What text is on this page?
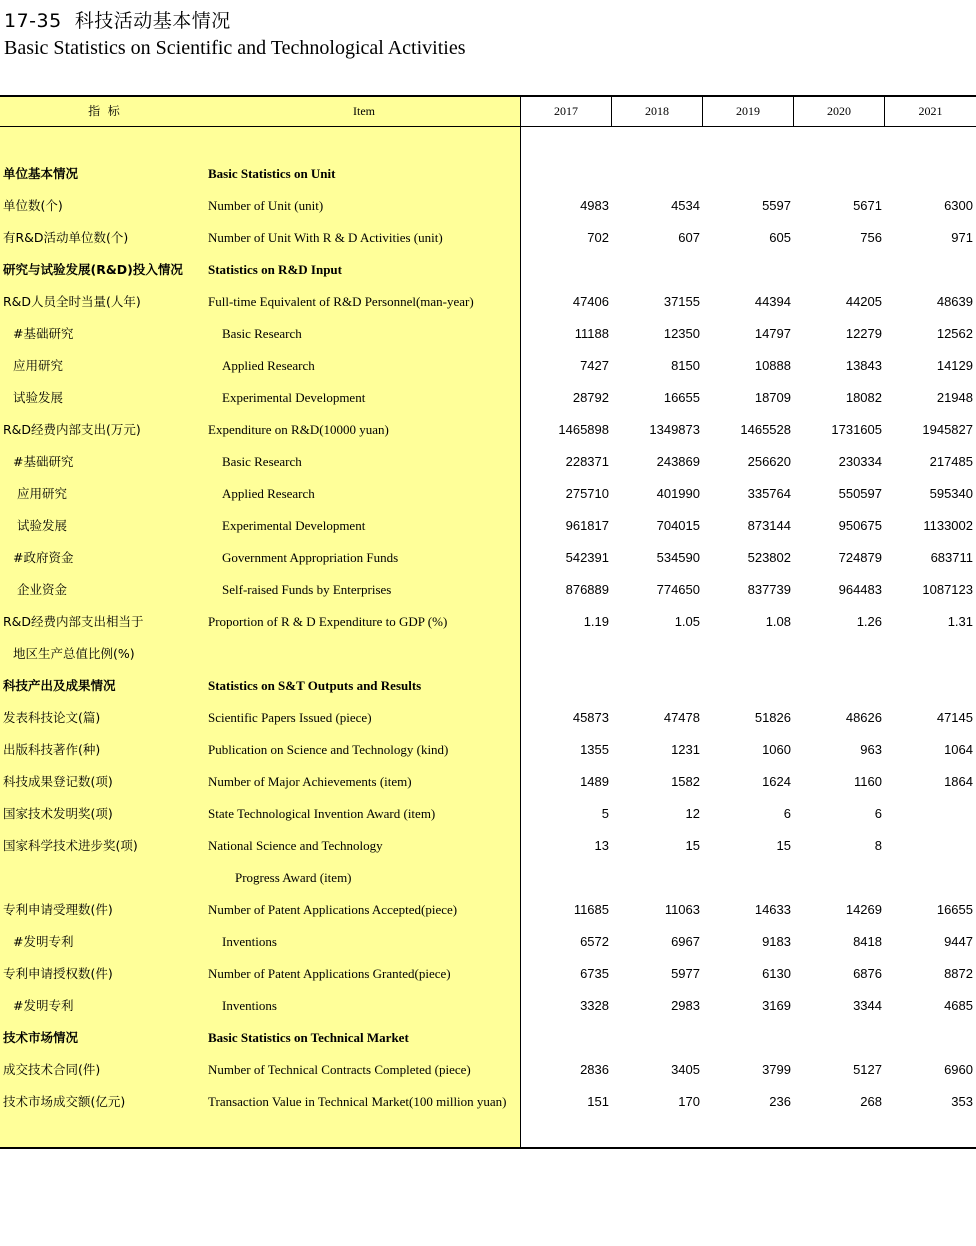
17-35  科技活动基本情况
Basic Statistics on Scientific and Technological Activities
指  标	Item	2017	2018	2019	2020	2021
单位基本情况	Basic Statistics on Unit
单位数(个)	Number of Unit (unit)	4983	4534	5597	5671	6300
有R&D活动单位数(个)	Number of Unit With R & D Activities (unit)	702	607	605	756	971
研究与试验发展(R&D)投入情况 Statistics on R&D Input
R&D人员全时当量(人年)	Full-time Equivalent of R&D Personnel(man-year)	47406	37155	44394	44205	48639
#基础研究	Basic Research	11188	12350	14797	12279	12562
应用研究	Applied Research	7427	8150	10888	13843	14129
试验发展	Experimental Development	28792	16655	18709	18082	21948
R&D经费内部支出(万元)	Expenditure on R&D(10000 yuan)	1465898	1349873	1465528	1731605	1945827
#基础研究	Basic Research	228371	243869	256620	230334	217485
应用研究	Applied Research	275710	401990	335764	550597	595340
试验发展	Experimental Development	961817	704015	873144	950675	1133002
#政府资金	Government Appropriation Funds	542391	534590	523802	724879	683711
企业资金	Self-raised Funds by Enterprises	876889	774650	837739	964483	1087123
R&D经费内部支出相当于	Proportion of R & D Expenditure to GDP (%)	1.19	1.05	1.08	1.26	1.31
地区生产总值比例(%)
科技产出及成果情况	Statistics on S&T Outputs and Results
发表科技论文(篇)	Scientific Papers Issued (piece)	45873	47478	51826	48626	47145
出版科技著作(种)	Publication on Science and Technology (kind)	1355	1231	1060	963	1064
科技成果登记数(项)	Number of Major Achievements (item)	1489	1582	1624	1160	1864
国家技术发明奖(项)	State Technological Invention Award (item)	5	12	6	6
国家科学技术进步奖(项)	National Science and Technology	13	15	15	8
Progress Award (item)
专利申请受理数(件)	Number of Patent Applications Accepted(piece)	11685	11063	14633	14269	16655
#发明专利	Inventions	6572	6967	9183	8418	9447
专利申请授权数(件)	Number of Patent Applications Granted(piece)	6735	5977	6130	6876	8872
#发明专利	Inventions	3328	2983	3169	3344	4685
技术市场情况	Basic Statistics on Technical Market
成交技术合同(件)	Number of Technical Contracts Completed (piece)	2836	3405	3799	5127	6960
技术市场成交额(亿元)	Transaction Value in Technical Market(100 million yuan)	151	170	236	268	353
